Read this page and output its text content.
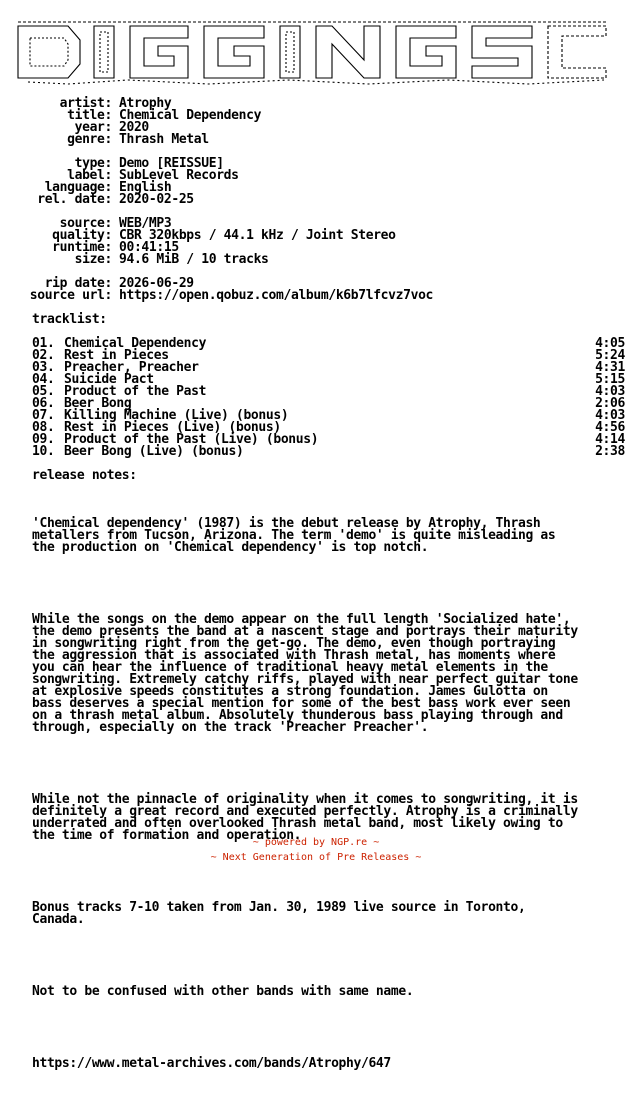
artist: Atrophy
title: Chemical Dependency
year: 2020
genre: Thrash Metal
type: Demo [REISSUE]
label: SubLevel Records
language: English
rel. date: 2020-02-25
source: WEB/MP3
quality: CBR 320kbps / 44.1 kHz / Joint Stereo
runtime: 00:41:15
size: 94.6 MiB / 10 tracks
rip date: 2026-06-29
source url: https://open.qobuz.com/album/k6b7lfcvz7voc
tracklist:
01. Chemical Dependency	4:05
02. Rest in Pieces	5:24
03. Preacher, Preacher	4:31
04. Suicide Pact	5:15
05. Product of the Past	4:03
06. Beer Bong	2:06
07. Killing Machine (Live) (bonus)	4:03
08. Rest in Pieces (Live) (bonus)	4:56
09. Product of the Past (Live) (bonus)	4:14
10. Beer Bong (Live) (bonus)	2:38
release notes:

'Chemical dependency' (1987) is the debut release by Atrophy, Thrash
metallers from Tucson, Arizona. The term 'demo' is quite misleading as
the production on 'Chemical dependency' is top notch.

While the songs on the demo appear on the full length 'Socialized hate',
the demo presents the band at a nascent stage and portrays their maturity
in songwriting right from the get-go. The demo, even though portraying
the aggression that is associated with Thrash metal, has moments where
you can hear the influence of traditional heavy metal elements in the
songwriting. Extremely catchy riffs, played with near perfect guitar tone
at explosive speeds constitutes a strong foundation. James Gulotta on
bass deserves a special mention for some of the best bass work ever seen
on a thrash metal album. Absolutely thunderous bass playing through and
through, especially on the track 'Preacher Preacher'.

While not the pinnacle of originality when it comes to songwriting, it is
definitely a great record and executed perfectly. Atrophy is a criminally
underrated and often overlooked Thrash metal band, most likely owing to
the time of formation and operation.

Bonus tracks 7-10 taken from Jan. 30, 1989 live source in Toronto,
Canada.

Not to be confused with other bands with same name.

https://www.metal-archives.com/bands/Atrophy/647

~ powered by NGP.re ~
~ Next Generation of Pre Releases ~
